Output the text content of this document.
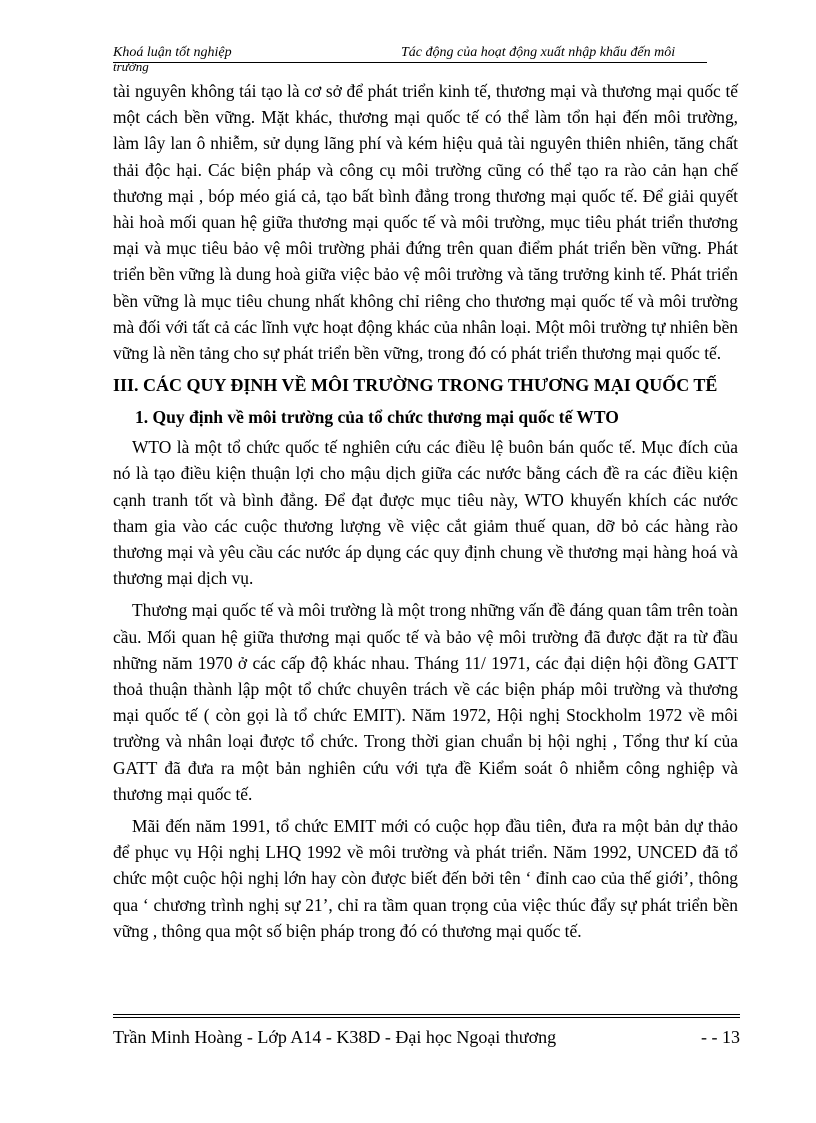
Khoá luận tốt nghiệp
trường
Tác động của hoạt động xuất nhập khẩu đến môi

tài nguyên không tái tạo là cơ sở để phát triển kinh tế, thương mại và thương mại quốc tế một cách bền vững. Mặt khác, thương mại quốc tế có thể làm tổn hại đến môi trường, làm lây lan ô nhiễm, sử dụng lãng phí và kém hiệu quả tài nguyên thiên nhiên, tăng chất thải độc hại. Các biện pháp và công cụ môi trường cũng có thể tạo ra rào cản hạn chế thương mại , bóp méo giá cả, tạo bất bình đẳng trong thương mại quốc tế. Để giải quyết hài hoà mối quan hệ giữa thương mại quốc tế và môi trường, mục tiêu phát triển thương mại và mục tiêu bảo vệ môi trường phải đứng trên quan điểm phát triển bền vững. Phát triển bền vững là dung hoà giữa việc bảo vệ môi trường và tăng trưởng kinh tế. Phát triển bền vững là mục tiêu chung nhất không chỉ riêng cho thương mại quốc tế và môi trường mà đối với tất cả các lĩnh vực hoạt động khác của nhân loại. Một môi trường tự nhiên bền vững là nền tảng cho sự phát triển bền vững, trong đó có phát triển thương mại quốc tế.

III. CÁC QUY ĐỊNH VỀ MÔI TRƯỜNG TRONG THƯƠNG MẠI QUỐC TẾ
1. Quy định về môi trường của tổ chức thương mại quốc tế WTO

WTO là một tổ chức quốc tế nghiên cứu các điều lệ buôn bán quốc tế. Mục đích của nó là tạo điều kiện thuận lợi cho mậu dịch giữa các nước bằng cách đề ra các điều kiện cạnh tranh tốt và bình đẳng. Để đạt được mục tiêu này, WTO khuyến khích các nước tham gia vào các cuộc thương lượng về việc cắt giảm thuế quan, dỡ bỏ các hàng rào thương mại và yêu cầu các nước áp dụng các quy định chung về thương mại hàng hoá và thương mại dịch vụ.

Thương mại quốc tế và môi trường là một trong những vấn đề đáng quan tâm trên toàn cầu. Mối quan hệ giữa thương mại quốc tế và bảo vệ môi trường đã được đặt ra từ đầu những năm 1970 ở các cấp độ khác nhau. Tháng 11/ 1971, các đại diện hội đồng GATT thoả thuận thành lập một tổ chức chuyên trách về các biện pháp môi trường và thương mại quốc tế ( còn gọi là tổ chức EMIT). Năm 1972, Hội nghị Stockholm 1972 về môi trường và nhân loại được tổ chức. Trong thời gian chuẩn bị hội nghị , Tổng thư kí của GATT đã đưa ra một bản nghiên cứu với tựa đề Kiểm soát ô nhiễm công nghiệp và thương mại quốc tế.

Mãi đến năm 1991, tổ chức EMIT mới có cuộc họp đầu tiên, đưa ra một bản dự thảo để phục vụ Hội nghị LHQ 1992 về môi trường và phát triển. Năm 1992, UNCED đã tổ chức một cuộc hội nghị lớn hay còn được biết đến bởi tên ‘ đỉnh cao của thế giới’, thông qua ‘ chương trình nghị sự 21’, chỉ ra tầm quan trọng của việc thúc đẩy sự phát triển bền vững , thông qua một số biện pháp trong đó có thương mại quốc tế.

Trần Minh Hoàng - Lớp A14 - K38D - Đại học Ngoại thương	- - 13
